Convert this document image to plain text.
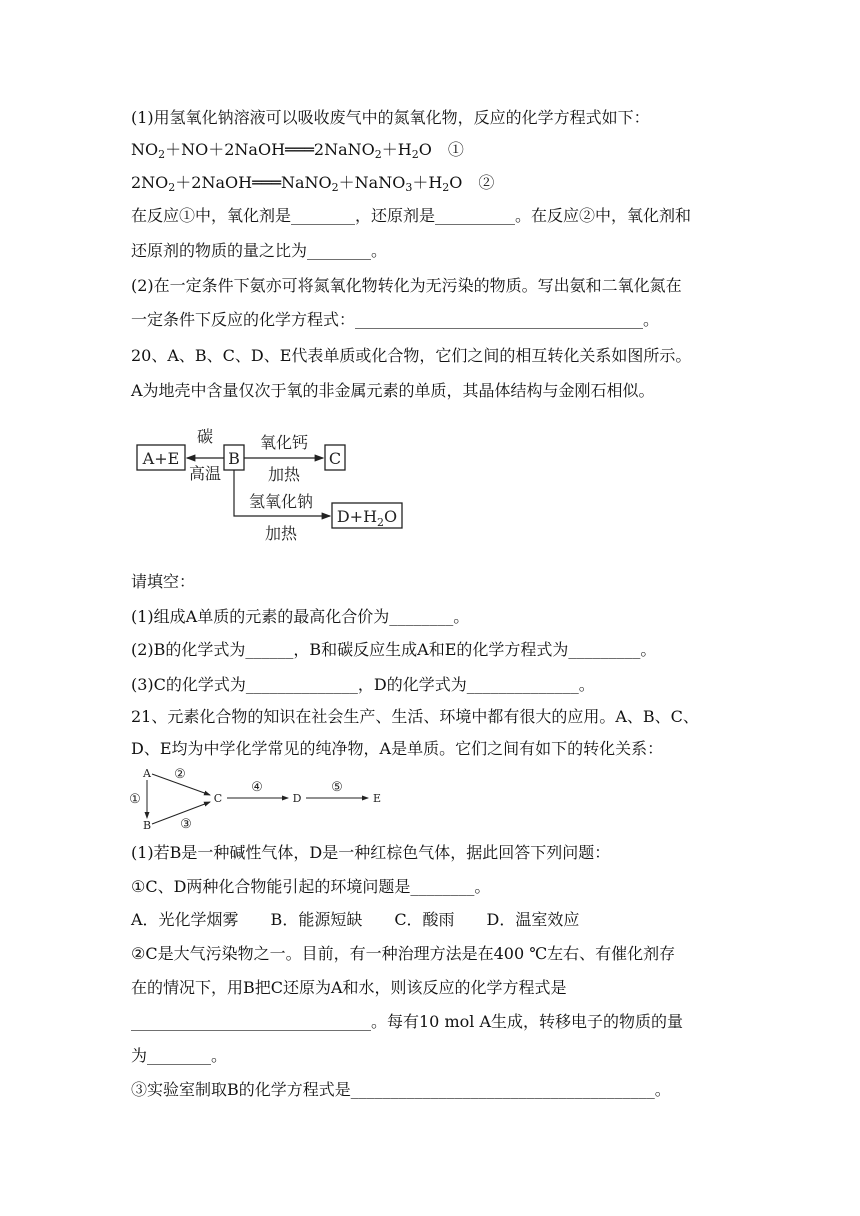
(1)用氢氧化钠溶液可以吸收废气中的氮氧化物，反应的化学方程式如下：
$NO_2+NO+2NaOH═══2NaNO_2+H_2O$　①
$2NO_2+2NaOH═══NaNO_2+NaNO_3+H_2O$　②
在反应①中，氧化剂是________，还原剂是__________。在反应②中，氧化剂和
还原剂的物质的量之比为________。
(2)在一定条件下氨亦可将氮氧化物转化为无污染的物质。写出氨和二氧化氮在
一定条件下反应的化学方程式：____________________________________。
20、A、B、C、D、E代表单质或化合物，它们之间的相互转化关系如图所示。
A为地壳中含量仅次于氧的非金属元素的单质，其晶体结构与金刚石相似。
A+E	B	C
$D+H_2O$
碳
高温
氧化钙
加热
氢氧化钠
加热
请填空：
(1)组成A单质的元素的最高化合价为________。
(2)B的化学式为______，B和碳反应生成A和E的化学方程式为_________。
(3)C的化学式为______________，D的化学式为______________。
21、元素化合物的知识在社会生产、生活、环境中都有很大的应用。A、B、C、
D、E均为中学化学常见的纯净物，A是单质。它们之间有如下的转化关系：
A
B
C	D	E
①
②
③
④	⑤
(1)若B是一种碱性气体，D是一种红棕色气体，据此回答下列问题：
①C、D两种化合物能引起的环境问题是________。
A．光化学烟雾　　B．能源短缺　　C．酸雨　　D．温室效应
②C是大气污染物之一。目前，有一种治理方法是在400 ℃左右、有催化剂存
在的情况下，用B把C还原为A和水，则该反应的化学方程式是
______________________________。每有10 mol A生成，转移电子的物质的量
为________。
③实验室制取B的化学方程式是______________________________________。
